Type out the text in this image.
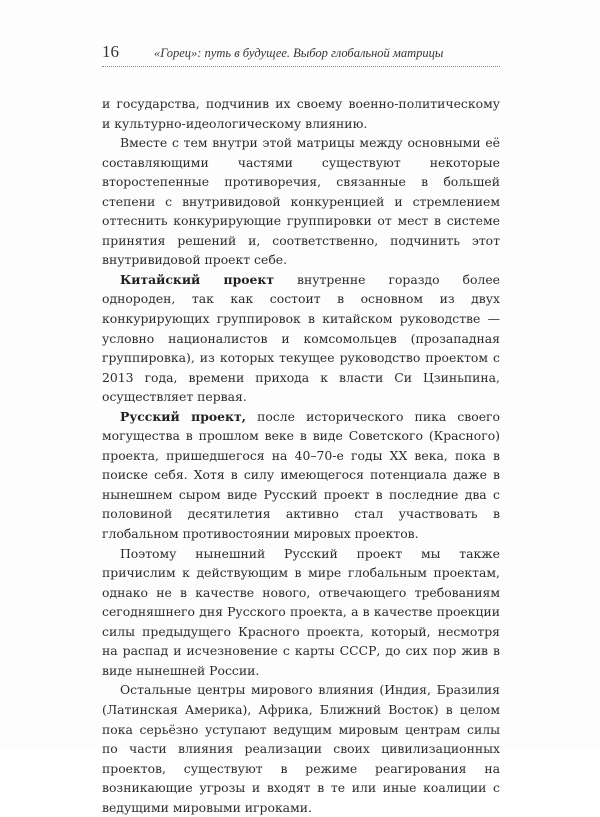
16	«Горец»: путь в будущее. Выбор глобальной матрицы

и государства, подчинив их своему военно-политическому и культурно-идеологическому влиянию.

Вместе с тем внутри этой матрицы между основными её составляющими частями существуют некоторые второстепенные противоречия, связанные в большей степени с внутривидовой конкуренцией и стремлением оттеснить конкурирующие группировки от мест в системе принятия решений и, соответственно, подчинить этот внутривидовой проект себе.

Китайский проект внутренне гораздо более однороден, так как состоит в основном из двух конкурирующих группировок в китайском руководстве — условно националистов и комсомольцев (прозападная группировка), из которых текущее руководство проектом с 2013 года, времени прихода к власти Си Цзиньпина, осуществляет первая.

Русский проект, после исторического пика своего могущества в прошлом веке в виде Советского (Красного) проекта, пришедшегося на 40–70-е годы XX века, пока в поиске себя. Хотя в силу имеющегося потенциала даже в нынешнем сыром виде Русский проект в последние два с половиной десятилетия активно стал участвовать в глобальном противостоянии мировых проектов.

Поэтому нынешний Русский проект мы также причислим к действующим в мире глобальным проектам, однако не в качестве нового, отвечающего требованиям сегодняшнего дня Русского проекта, а в качестве проекции силы предыдущего Красного проекта, который, несмотря на распад и исчезновение с карты СССР, до сих пор жив в виде нынешней России.

Остальные центры мирового влияния (Индия, Бразилия (Латинская Америка), Африка, Ближний Восток) в целом пока серьёзно уступают ведущим мировым центрам силы по части влияния реализации своих цивилизационных проектов, существуют в режиме реагирования на возникающие угрозы и входят в те или иные коалиции с ведущими мировыми игроками.
